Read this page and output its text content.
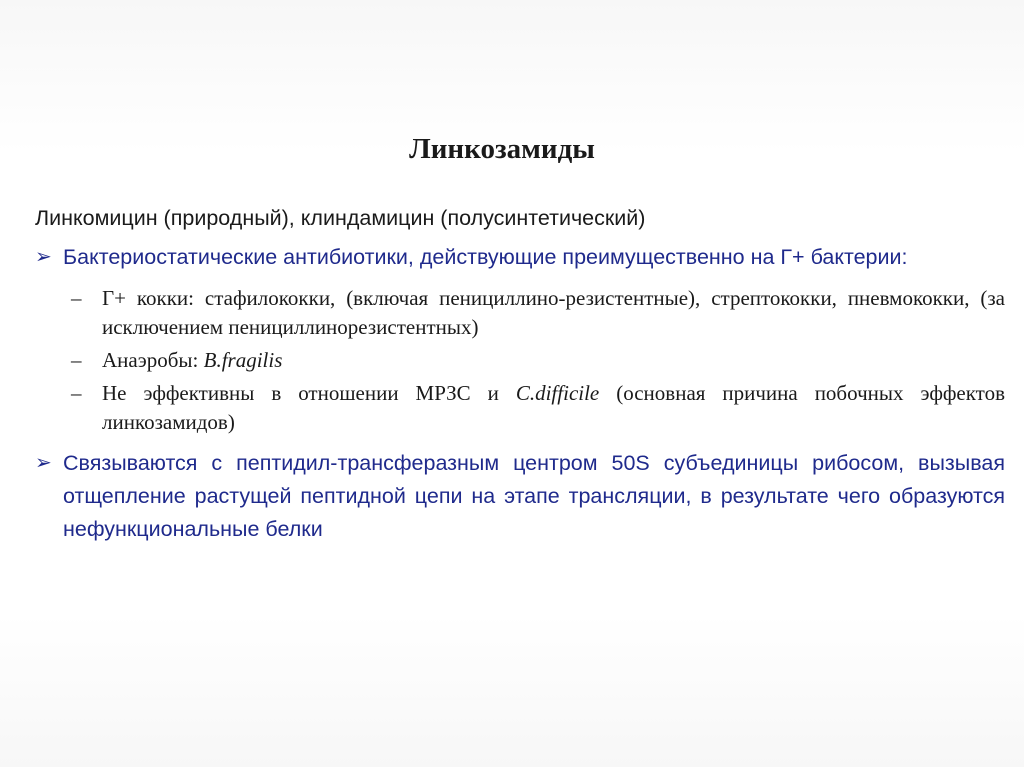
Линкозамиды
Линкомицин (природный), клиндамицин (полусинтетический)
➢ Бактериостатические антибиотики, действующие преимущественно на Г+ бактерии:
– Г+ кокки: стафилококки, (включая пенициллино-резистентные), стрептококки, пневмококки, (за исключением пенициллинорезистентных)
– Анаэробы: B.fragilis
– Не эффективны в отношении МРЗС и C.difficile (основная причина побочных эффектов линкозамидов)
➢ Связываются с пептидил-трансферазным центром 50S субъединицы рибосом, вызывая отщепление растущей пептидной цепи на этапе трансляции, в результате чего образуются нефункциональные белки
